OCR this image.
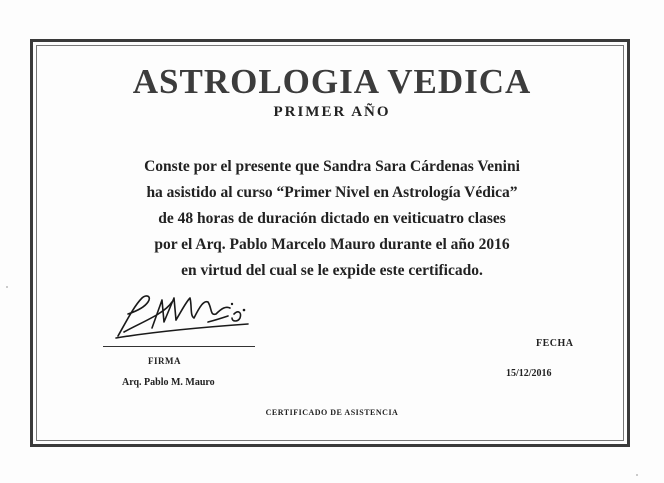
ASTROLOGIA VEDICA
PRIMER AÑO
Conste por el presente que Sandra Sara Cárdenas Venini
ha asistido al curso “Primer Nivel en Astrología Védica”
de 48 horas de duración dictado en veiticuatro clases
por el Arq. Pablo Marcelo Mauro durante el año 2016
en virtud del cual se le expide este certificado.
FIRMA
Arq. Pablo M. Mauro
FECHA
15/12/2016
CERTIFICADO DE ASISTENCIA
